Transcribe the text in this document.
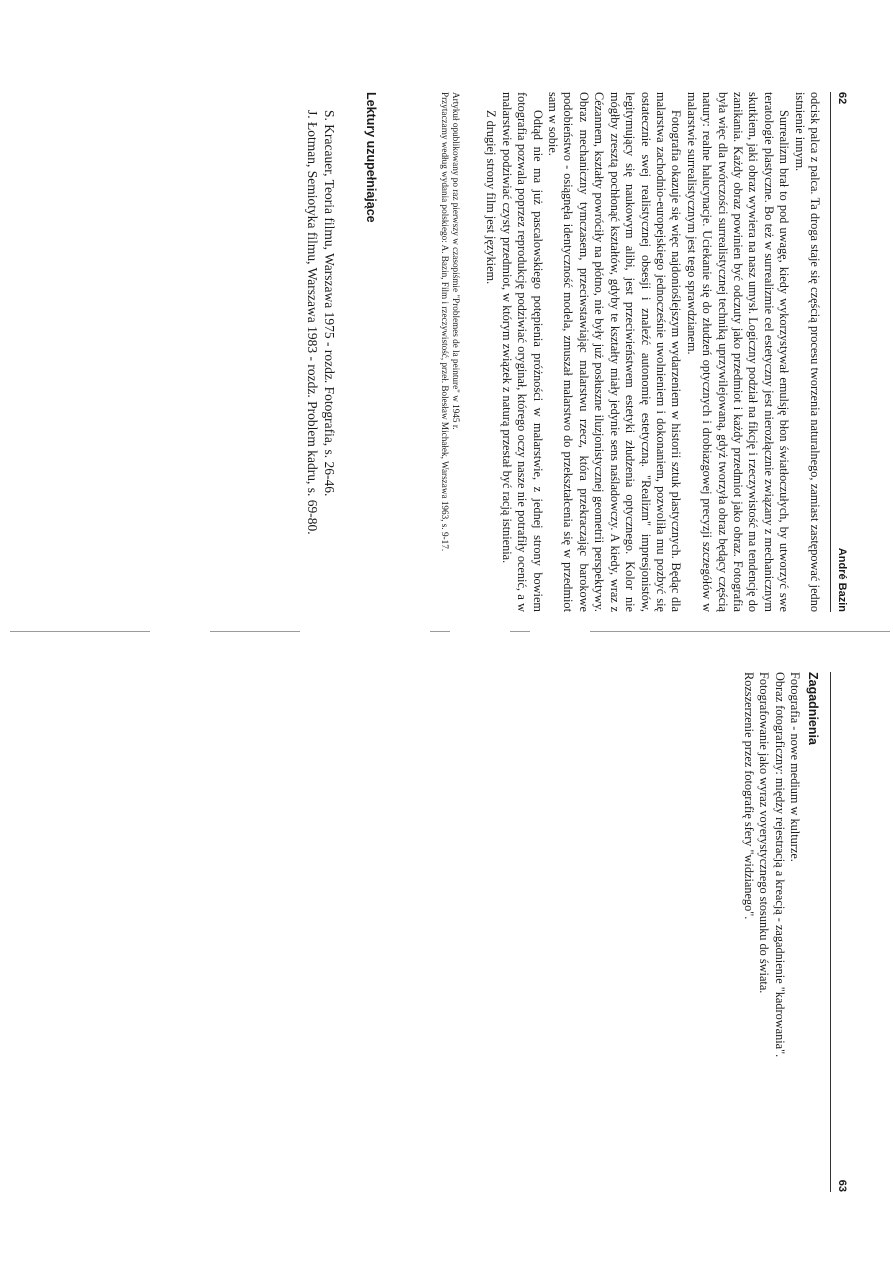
62
André Bazin

odcisk palca z palca. Ta droga staje się częścią procesu tworzenia naturalnego, zamiast zastępować jedno istnienie innym.

Surrealizm brał to pod uwagę, kiedy wykorzystywał emulsję błon światłoczułych, by utworzyć swe teratologie plastyczne. Bo też w surrealizmie cel estetyczny jest nierozłącznie związany z mechanicznym skutkiem, jaki obraz wywiera na nasz umysł. Logiczny podział na fikcję i rzeczywistość ma tendencję do zanikania. Każdy obraz powinien być odczuty jako przedmiot i każdy przedmiot jako obraz. Fotografia była więc dla twórczości surrealistycznej techniką uprzywilejowaną, gdyż tworzyła obraz będący częścią natury: realne halucynacje. Uciekanie się do złudzeń optycznych i drobiazgowej precyzji szczegółów w malarstwie surrealistycznym jest tego sprawdzianem.

Fotografia okazuje się więc najdonioślejszym wydarzeniem w historii sztuk plastycznych. Będąc dla malarstwa zachodnio-europejskiego jednocześnie uwolnieniem i dokonaniem, pozwoliła mu pozbyć się ostatecznie swej realistycznej obsesji i znaleźć autonomię estetyczną. "Realizm" impresjonistów, legitymujący się naukowym alibi, jest przeciwieństwem estetyki złudzenia optycznego. Kolor nie mógłby zresztą pochłonąć kształtów, gdyby te kształty miały jedynie sens naśladowczy. A kiedy, wraz z Cézannem, kształty powróciły na płótno, nie były już posłuszne iluzjonistycznej geometrii perspektywy. Obraz mechaniczny tymczasem, przeciwstawiając malarstwu rzecz, która przekraczając barokowe podobieństwo - osiągnęła identyczność modela, zmuszał malarstwo do przekształcenia się w przedmiot sam w sobie.

Odtąd nie ma już pascalowskiego potępienia próżności w malarstwie, z jednej strony bowiem fotografia pozwala poprzez reprodukcję podziwiać oryginał, którego oczy nasze nie potrafiły ocenić, a w malarstwie podziwiać czysty przedmiot, w którym związek z naturą przestał być racją istnienia.

Z drugiej strony film jest językiem.

Artykuł opublikowany po raz pierwszy w czasopiśmie "Problemes de la peinture" w 1945 r.

Przytaczamy według wydania polskiego: A. Bazin, Film i rzeczywistość, przeł. Bolesław Michałek, Warszawa 1963, s. 9-17.

Lektury uzupełniające

S. Kracauer, Teoria filmu, Warszawa 1975 - rozdz. Fotografia, s. 26-46.

J. Łotman, Semiotyka filmu, Warszawa 1983 - rozdz. Problem kadru, s. 69-80.

63
Zagadnienia

Fotografia - nowe medium w kulturze.

Obraz fotograficzny: między rejestracją a kreacją - zagadnienie "kadrowania".

Fotografowanie jako wyraz voyerystycznego stosunku do świata.

Rozszerzenie przez fotografię sfery "widzianego".
